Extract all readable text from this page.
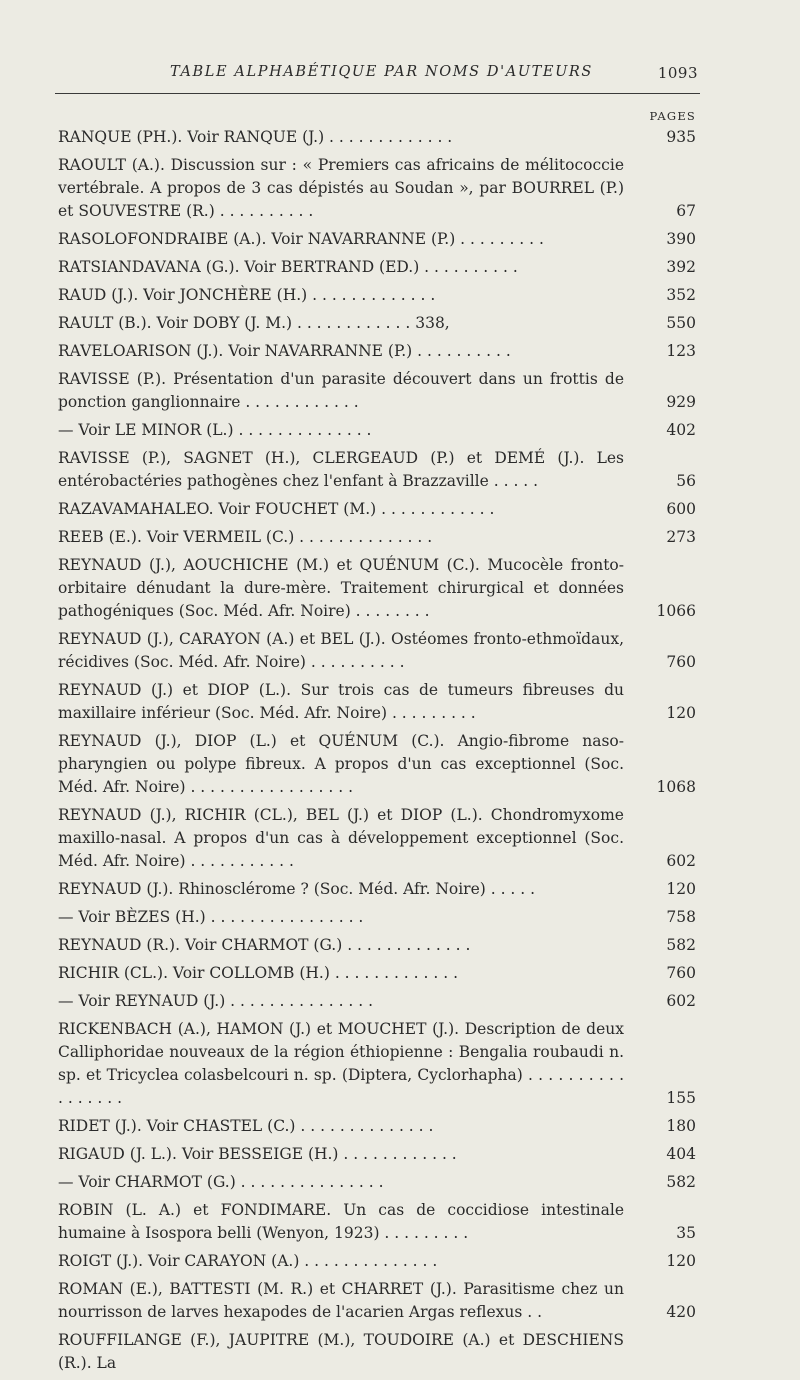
TABLE ALPHABÉTIQUE PAR NOMS D'AUTEURS	1093
PAGES
RANQUE (PH.). Voir RANQUE (J.) . . . . . . . . . . . . .	935
RAOULT (A.). Discussion sur : « Premiers cas africains de mélitococcie vertébrale. A propos de 3 cas dépistés au Soudan », par BOURREL (P.) et SOUVESTRE (R.) . . . . . . . . . .	67
RASOLOFONDRAIBE (A.). Voir NAVARRANNE (P.) . . . . . . . . .	390
RATSIANDAVANA (G.). Voir BERTRAND (ED.) . . . . . . . . . .	392
RAUD (J.). Voir JONCHÈRE (H.) . . . . . . . . . . . . .	352
RAULT (B.). Voir DOBY (J. M.) . . . . . . . . . . . . 338,	550
RAVELOARISON (J.). Voir NAVARRANNE (P.) . . . . . . . . . .	123
RAVISSE (P.). Présentation d'un parasite découvert dans un frottis de ponction ganglionnaire . . . . . . . . . . . .	929
— Voir LE MINOR (L.) . . . . . . . . . . . . . .	402
RAVISSE (P.), SAGNET (H.), CLERGEAUD (P.) et DEMÉ (J.). Les entérobactéries pathogènes chez l'enfant à Brazzaville . . . . .	56
RAZAVAMAHALEO. Voir FOUCHET (M.) . . . . . . . . . . . .	600
REEB (E.). Voir VERMEIL (C.) . . . . . . . . . . . . . .	273
REYNAUD (J.), AOUCHICHE (M.) et QUÉNUM (C.). Mucocèle fronto-orbitaire dénudant la dure-mère. Traitement chirurgical et données pathogéniques (Soc. Méd. Afr. Noire) . . . . . . . .	1066
REYNAUD (J.), CARAYON (A.) et BEL (J.). Ostéomes fronto-ethmoïdaux, récidives (Soc. Méd. Afr. Noire) . . . . . . . . . .	760
REYNAUD (J.) et DIOP (L.). Sur trois cas de tumeurs fibreuses du maxillaire inférieur (Soc. Méd. Afr. Noire) . . . . . . . . .	120
REYNAUD (J.), DIOP (L.) et QUÉNUM (C.). Angio-fibrome naso-pharyngien ou polype fibreux. A propos d'un cas exceptionnel (Soc. Méd. Afr. Noire) . . . . . . . . . . . . . . . . .	1068
REYNAUD (J.), RICHIR (CL.), BEL (J.) et DIOP (L.). Chondromyxome maxillo-nasal. A propos d'un cas à développement exceptionnel (Soc. Méd. Afr. Noire) . . . . . . . . . . .	602
REYNAUD (J.). Rhinosclérome ? (Soc. Méd. Afr. Noire) . . . . .	120
— Voir BÈZES (H.) . . . . . . . . . . . . . . . .	758
REYNAUD (R.). Voir CHARMOT (G.) . . . . . . . . . . . . .	582
RICHIR (CL.). Voir COLLOMB (H.) . . . . . . . . . . . . .	760
— Voir REYNAUD (J.) . . . . . . . . . . . . . . .	602
RICKENBACH (A.), HAMON (J.) et MOUCHET (J.). Description de deux Calliphoridae nouveaux de la région éthiopienne : Bengalia roubaudi n. sp. et Tricyclea colasbelcouri n. sp. (Diptera, Cyclorhapha) . . . . . . . . . . . . . . . . .	155
RIDET (J.). Voir CHASTEL (C.) . . . . . . . . . . . . . .	180
RIGAUD (J. L.). Voir BESSEIGE (H.) . . . . . . . . . . . .	404
— Voir CHARMOT (G.) . . . . . . . . . . . . . . .	582
ROBIN (L. A.) et FONDIMARE. Un cas de coccidiose intestinale humaine à Isospora belli (Wenyon, 1923) . . . . . . . . .	35
ROIGT (J.). Voir CARAYON (A.) . . . . . . . . . . . . . .	120
ROMAN (E.), BATTESTI (M. R.) et CHARRET (J.). Parasitisme chez un nourrisson de larves hexapodes de l'acarien Argas reflexus . .	420
ROUFFILANGE (F.), JAUPITRE (M.), TOUDOIRE (A.) et DESCHIENS (R.). La
